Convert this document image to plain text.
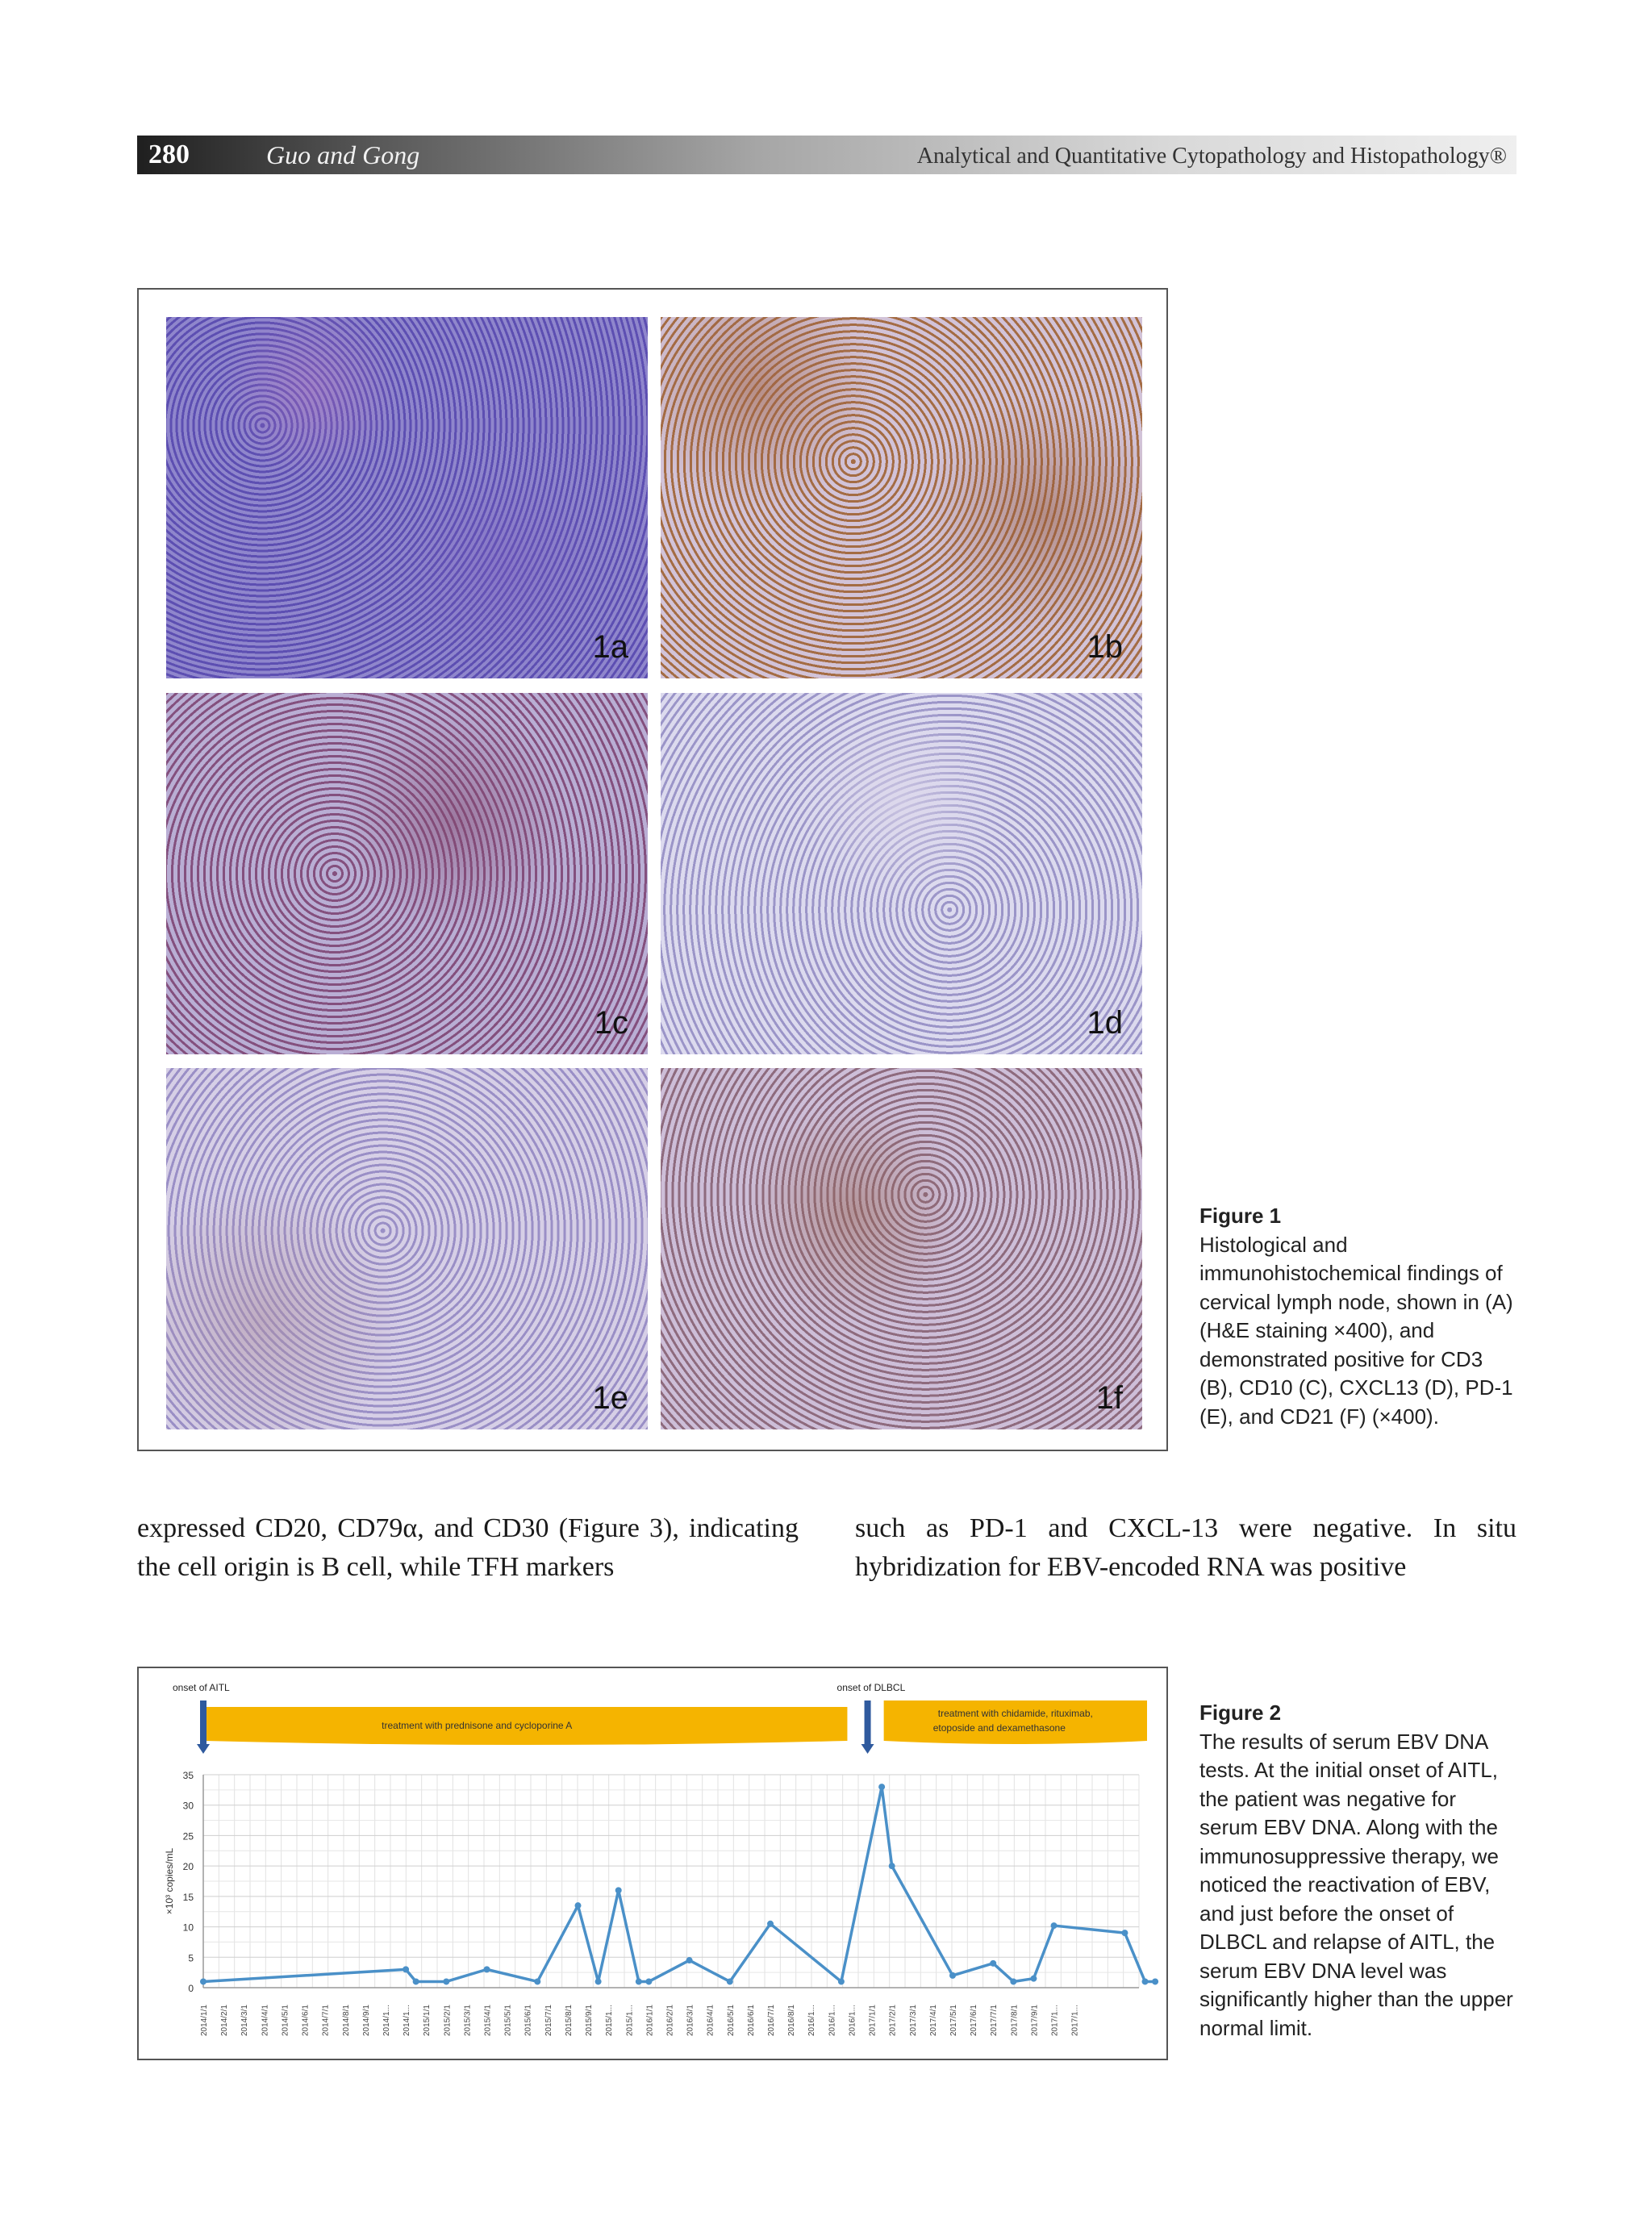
280	Guo and Gong	Analytical and Quantitative Cytopathology and Histopathology®
1a	1b
1c	1d
1e	1f
Figure 1
Histological and immunohistochemical findings of cervical lymph node, shown in (A) (H&E staining ×400), and demonstrated positive for CD3 (B), CD10 (C), CXCL13 (D), PD-1 (E), and CD21 (F) (×400).
expressed CD20, CD79α, and CD30 (Figure 3), indicating the cell origin is B cell, while TFH markers
such as PD-1 and CXCL-13 were negative. In situ hybridization for EBV-encoded RNA was positive
0
5
10
15
20
25
30
35
×10³ copies/mL
2014/1/1 2014/2/1 2014/3/1 2014/4/1 2014/5/1 2014/6/1 2014/7/1 2014/8/1 2014/9/1 2014/1... 2014/1... 2015/1/1 2015/2/1 2015/3/1 2015/4/1 2015/5/1 2015/6/1 2015/7/1 2015/8/1 2015/9/1 2015/1... 2015/1... 2016/1/1 2016/2/1 2016/3/1 2016/4/1 2016/5/1 2016/6/1 2016/7/1 2016/8/1 2016/1... 2016/1... 2016/1... 2017/1/1 2017/2/1 2017/3/1 2017/4/1 2017/5/1 2017/6/1 2017/7/1 2017/8/1 2017/9/1 2017/1... 2017/1...
treatment with prednisone and cycloporine A
treatment with chidamide, rituximab,
etoposide and dexamethasone
onset of AITL	onset of DLBCL
Figure 2
The results of serum EBV DNA tests. At the initial onset of AITL, the patient was negative for serum EBV DNA. Along with the immunosuppressive therapy, we noticed the reactivation of EBV, and just before the onset of DLBCL and relapse of AITL, the serum EBV DNA level was significantly higher than the upper normal limit.
